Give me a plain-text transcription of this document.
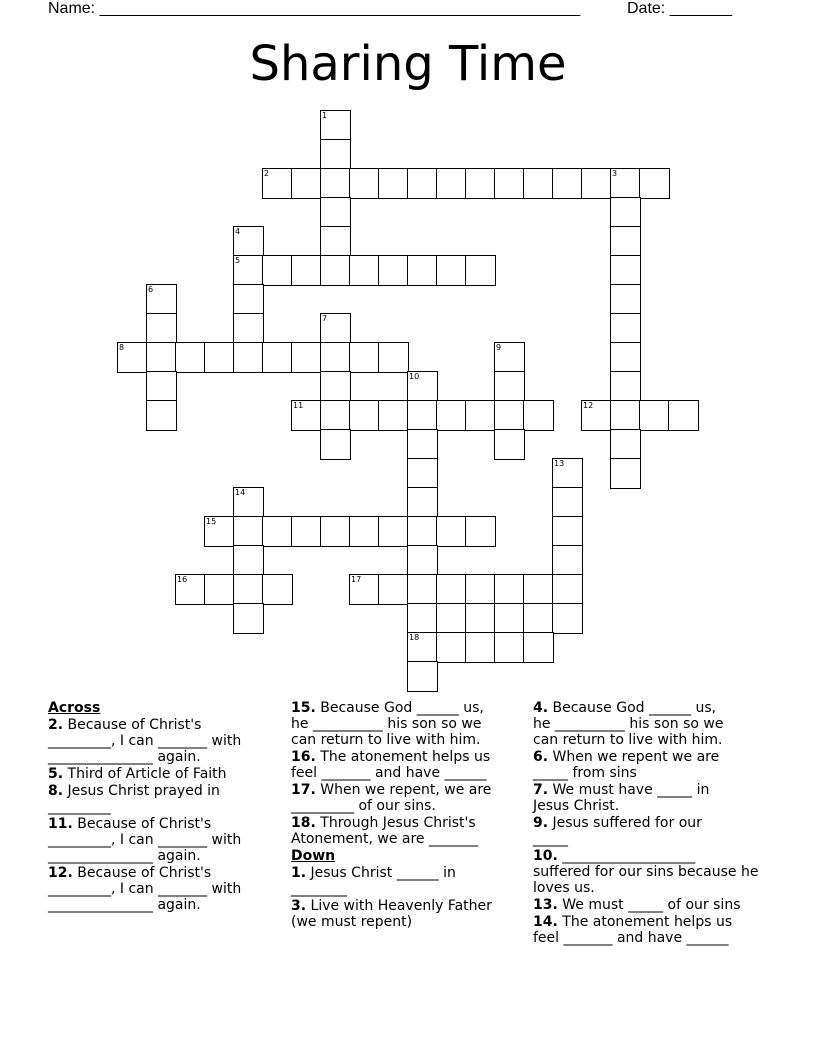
Name: ______________________________________________________	Date: _______
Sharing Time
1
2	3
4
5
6
7
8	9
10
11	12
13
14
15
16	17
18

Across

2. Because of Christ's
_________, I can _______ with
_______________ again.

5. Third of Article of Faith

8. Jesus Christ prayed in
_________

11. Because of Christ's
_________, I can _______ with
_______________ again.

12. Because of Christ's
_________, I can _______ with
_______________ again.

15. Because God ______ us,
he __________ his son so we
can return to live with him.

16. The atonement helps us
feel _______ and have ______

17. When we repent, we are
_________ of our sins.

18. Through Jesus Christ's
Atonement, we are _______

Down

1. Jesus Christ ______ in
________

3. Live with Heavenly Father
(we must repent)

4. Because God ______ us,
he __________ his son so we
can return to live with him.

6. When we repent we are
_____ from sins

7. We must have _____ in
Jesus Christ.

9. Jesus suffered for our
_____

10. ___________________
suffered for our sins because he
loves us.

13. We must _____ of our sins

14. The atonement helps us
feel _______ and have ______
